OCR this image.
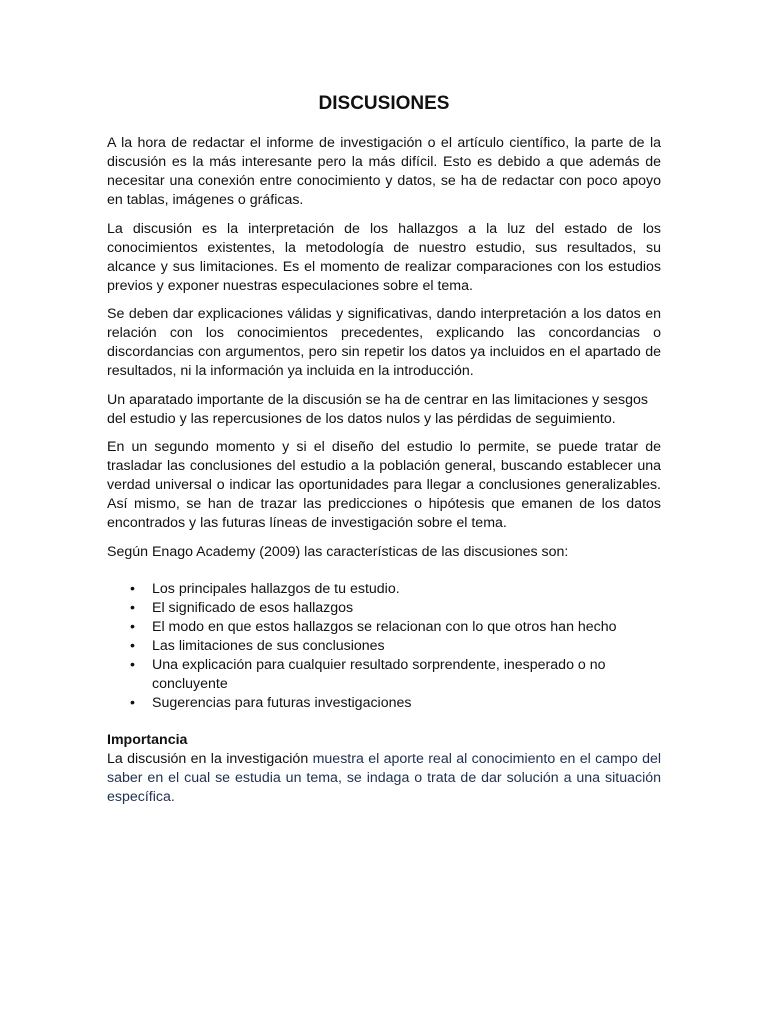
DISCUSIONES

A la hora de redactar el informe de investigación o el artículo científico, la parte de la discusión es la más interesante pero la más difícil. Esto es debido a que además de necesitar una conexión entre conocimiento y datos, se ha de redactar con poco apoyo en tablas, imágenes o gráficas.

La discusión es la interpretación de los hallazgos a la luz del estado de los conocimientos existentes, la metodología de nuestro estudio, sus resultados, su alcance y sus limitaciones. Es el momento de realizar comparaciones con los estudios previos y exponer nuestras especulaciones sobre el tema.

Se deben dar explicaciones válidas y significativas, dando interpretación a los datos en relación con los conocimientos precedentes, explicando las concordancias o discordancias con argumentos, pero sin repetir los datos ya incluidos en el apartado de resultados, ni la información ya incluida en la introducción.

Un aparatado importante de la discusión se ha de centrar en las limitaciones y sesgos del estudio y las repercusiones de los datos nulos y las pérdidas de seguimiento.

En un segundo momento y si el diseño del estudio lo permite, se puede tratar de trasladar las conclusiones del estudio a la población general, buscando establecer una verdad universal o indicar las oportunidades para llegar a conclusiones generalizables. Así mismo, se han de trazar las predicciones o hipótesis que emanen de los datos encontrados y las futuras líneas de investigación sobre el tema.

Según Enago Academy (2009) las características de las discusiones son:

• Los principales hallazgos de tu estudio.
• El significado de esos hallazgos
• El modo en que estos hallazgos se relacionan con lo que otros han hecho
• Las limitaciones de sus conclusiones
• Una explicación para cualquier resultado sorprendente, inesperado o no concluyente
• Sugerencias para futuras investigaciones
Importancia

La discusión en la investigación muestra el aporte real al conocimiento en el campo del saber en el cual se estudia un tema, se indaga o trata de dar solución a una situación específica.
